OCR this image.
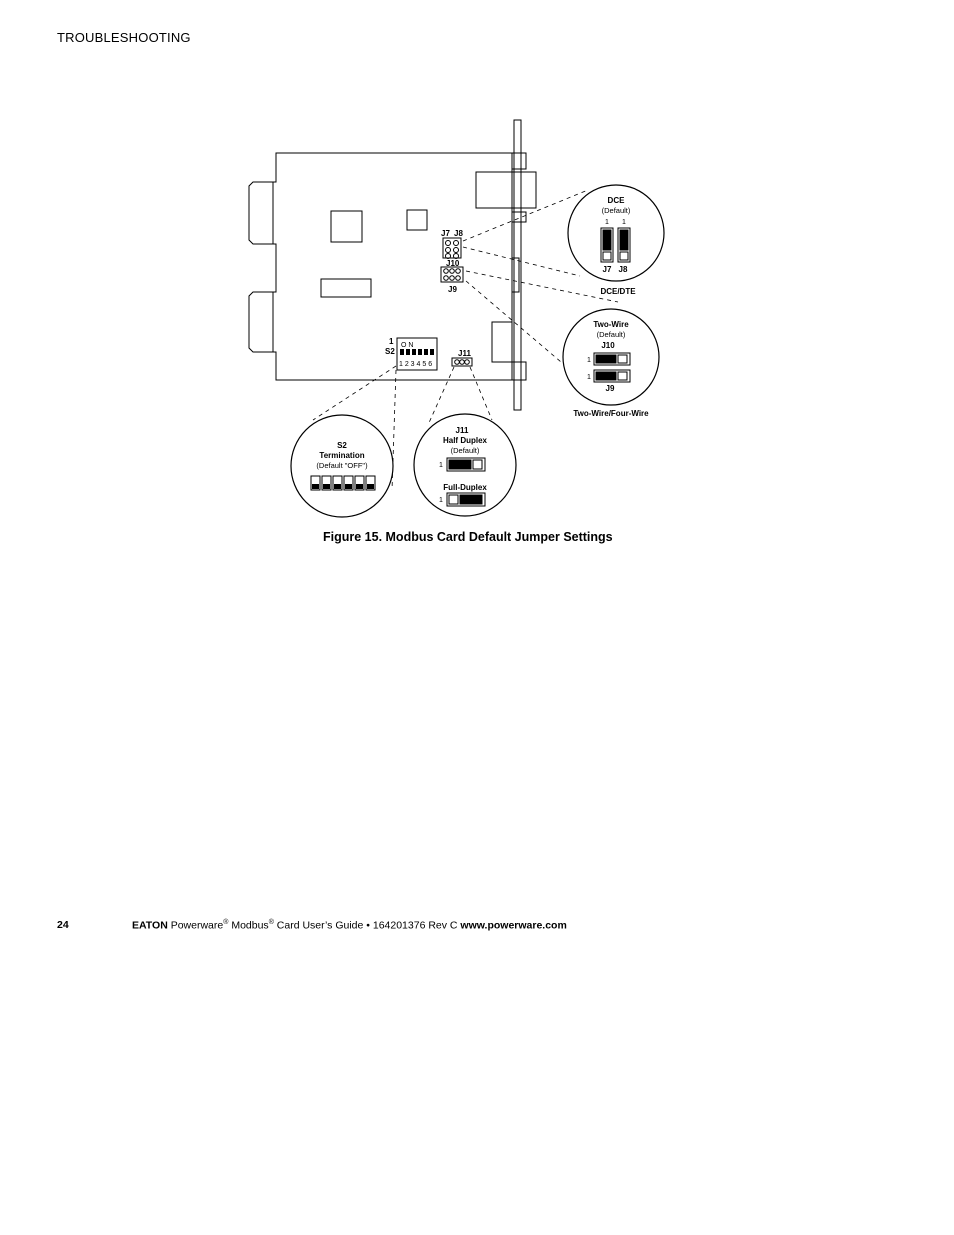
TROUBLESHOOTING
J7 J8
J10
J9
J11
1
S2
O N
1 2 3 4 5 6
DCE
(Default)
1 1
J7 J8
DCE/DTE
Two-Wire
(Default)
J10
1
1
J9
Two-Wire/Four-Wire
S2
Termination
(Default "OFF")
J11
Half Duplex
(Default)
1
Full-Duplex
1
Figure 15. Modbus Card Default Jumper Settings
24	EATON Powerware® Modbus® Card User’s Guide • 164201376 Rev C www.powerware.com
